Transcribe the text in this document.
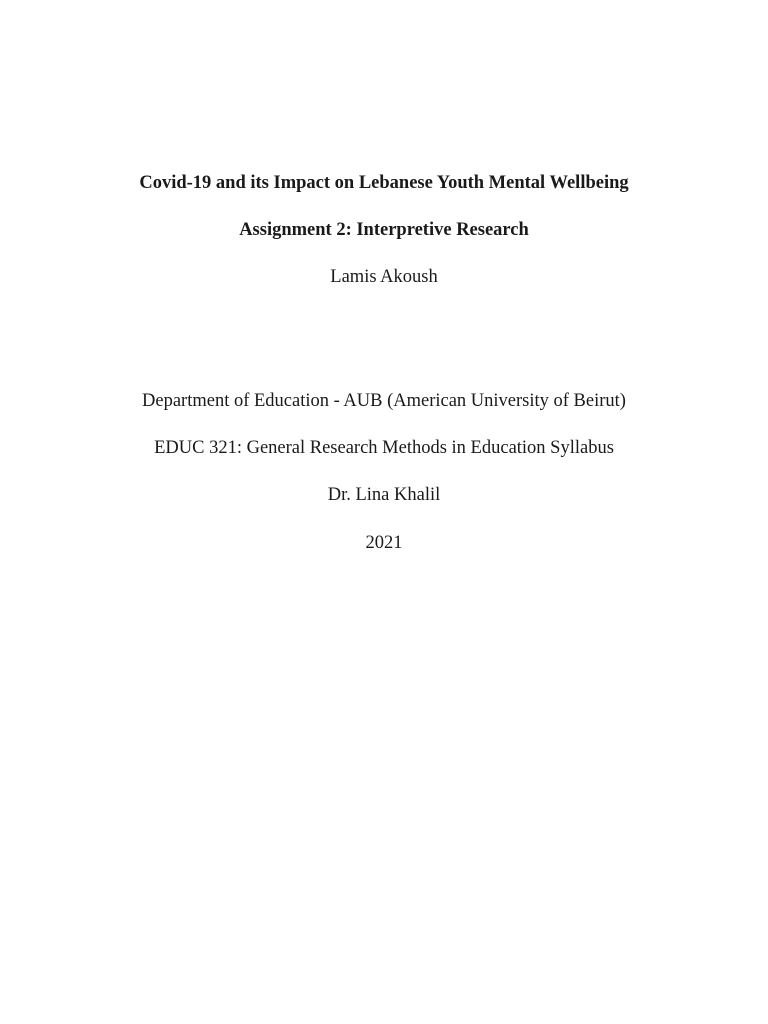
Covid-19 and its Impact on Lebanese Youth Mental Wellbeing
Assignment 2: Interpretive Research
Lamis Akoush
Department of Education - AUB (American University of Beirut)
EDUC 321: General Research Methods in Education Syllabus
Dr. Lina Khalil
2021
